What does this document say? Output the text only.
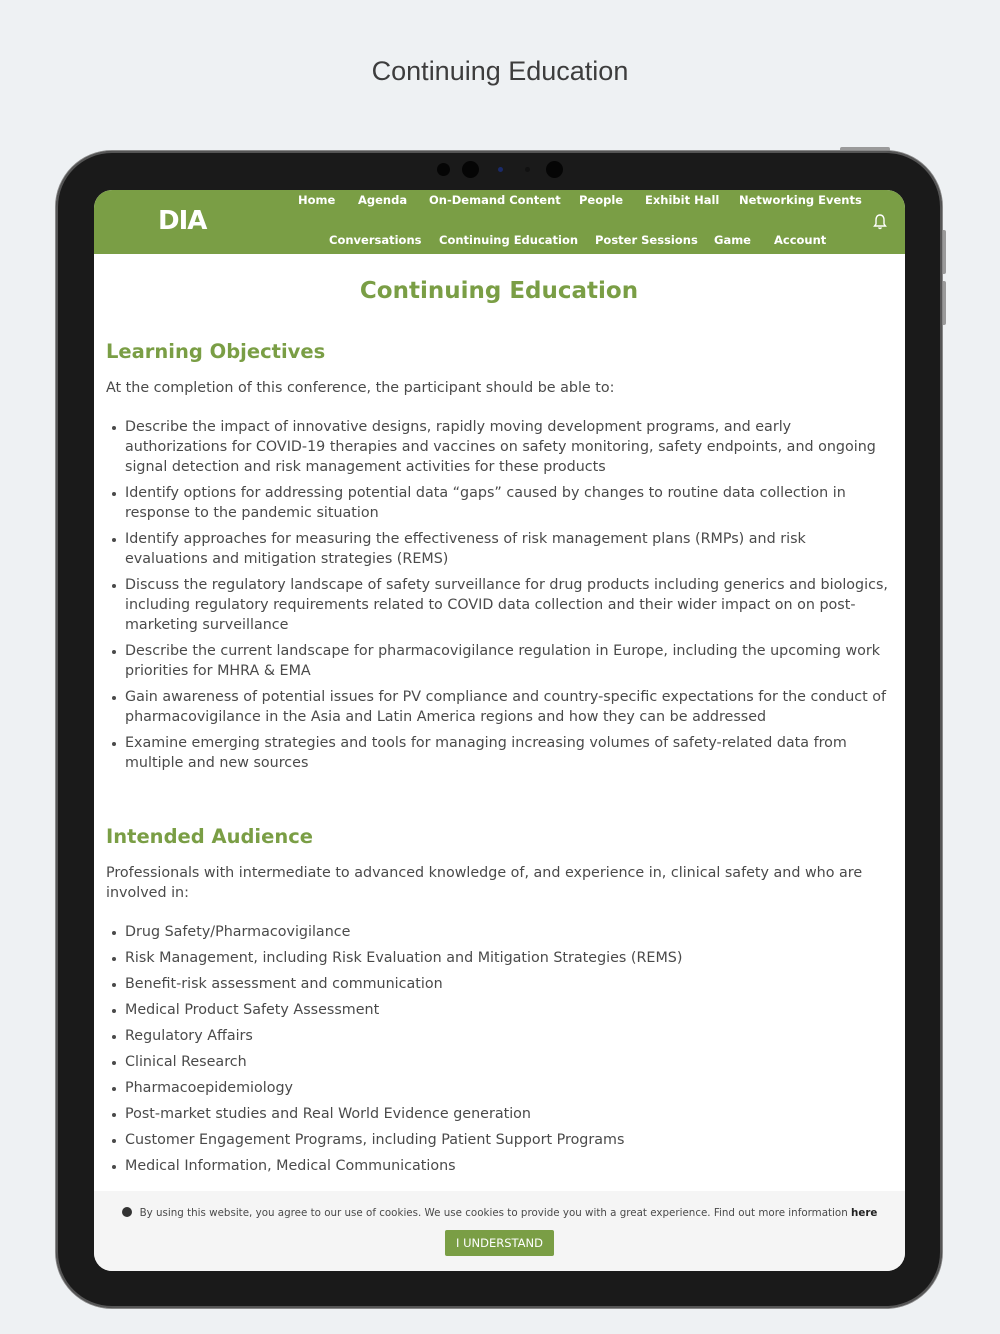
Continuing Education
DIA
Home Agenda On-Demand Content People Exhibit Hall Networking Events
Conversations Continuing Education Poster Sessions Game Account
Continuing Education
Learning Objectives
At the completion of this conference, the participant should be able to:
Describe the impact of innovative designs, rapidly moving development programs, and early authorizations for COVID-19 therapies and vaccines on safety monitoring, safety endpoints, and ongoing signal detection and risk management activities for these products
Identify options for addressing potential data “gaps” caused by changes to routine data collection in response to the pandemic situation
Identify approaches for measuring the effectiveness of risk management plans (RMPs) and risk evaluations and mitigation strategies (REMS)
Discuss the regulatory landscape of safety surveillance for drug products including generics and biologics, including regulatory requirements related to COVID data collection and their wider impact on on post-marketing surveillance
Describe the current landscape for pharmacovigilance regulation in Europe, including the upcoming work priorities for MHRA & EMA
Gain awareness of potential issues for PV compliance and country-specific expectations for the conduct of pharmacovigilance in the Asia and Latin America regions and how they can be addressed
Examine emerging strategies and tools for managing increasing volumes of safety-related data from multiple and new sources
Intended Audience
Professionals with intermediate to advanced knowledge of, and experience in, clinical safety and who are involved in:
Drug Safety/Pharmacovigilance
Risk Management, including Risk Evaluation and Mitigation Strategies (REMS)
Benefit-risk assessment and communication
Medical Product Safety Assessment
Regulatory Affairs
Clinical Research
Pharmacoepidemiology
Post-market studies and Real World Evidence generation
Customer Engagement Programs, including Patient Support Programs
Medical Information, Medical Communications
By using this website, you agree to our use of cookies. We use cookies to provide you with a great experience. Find out more information here
I UNDERSTAND
